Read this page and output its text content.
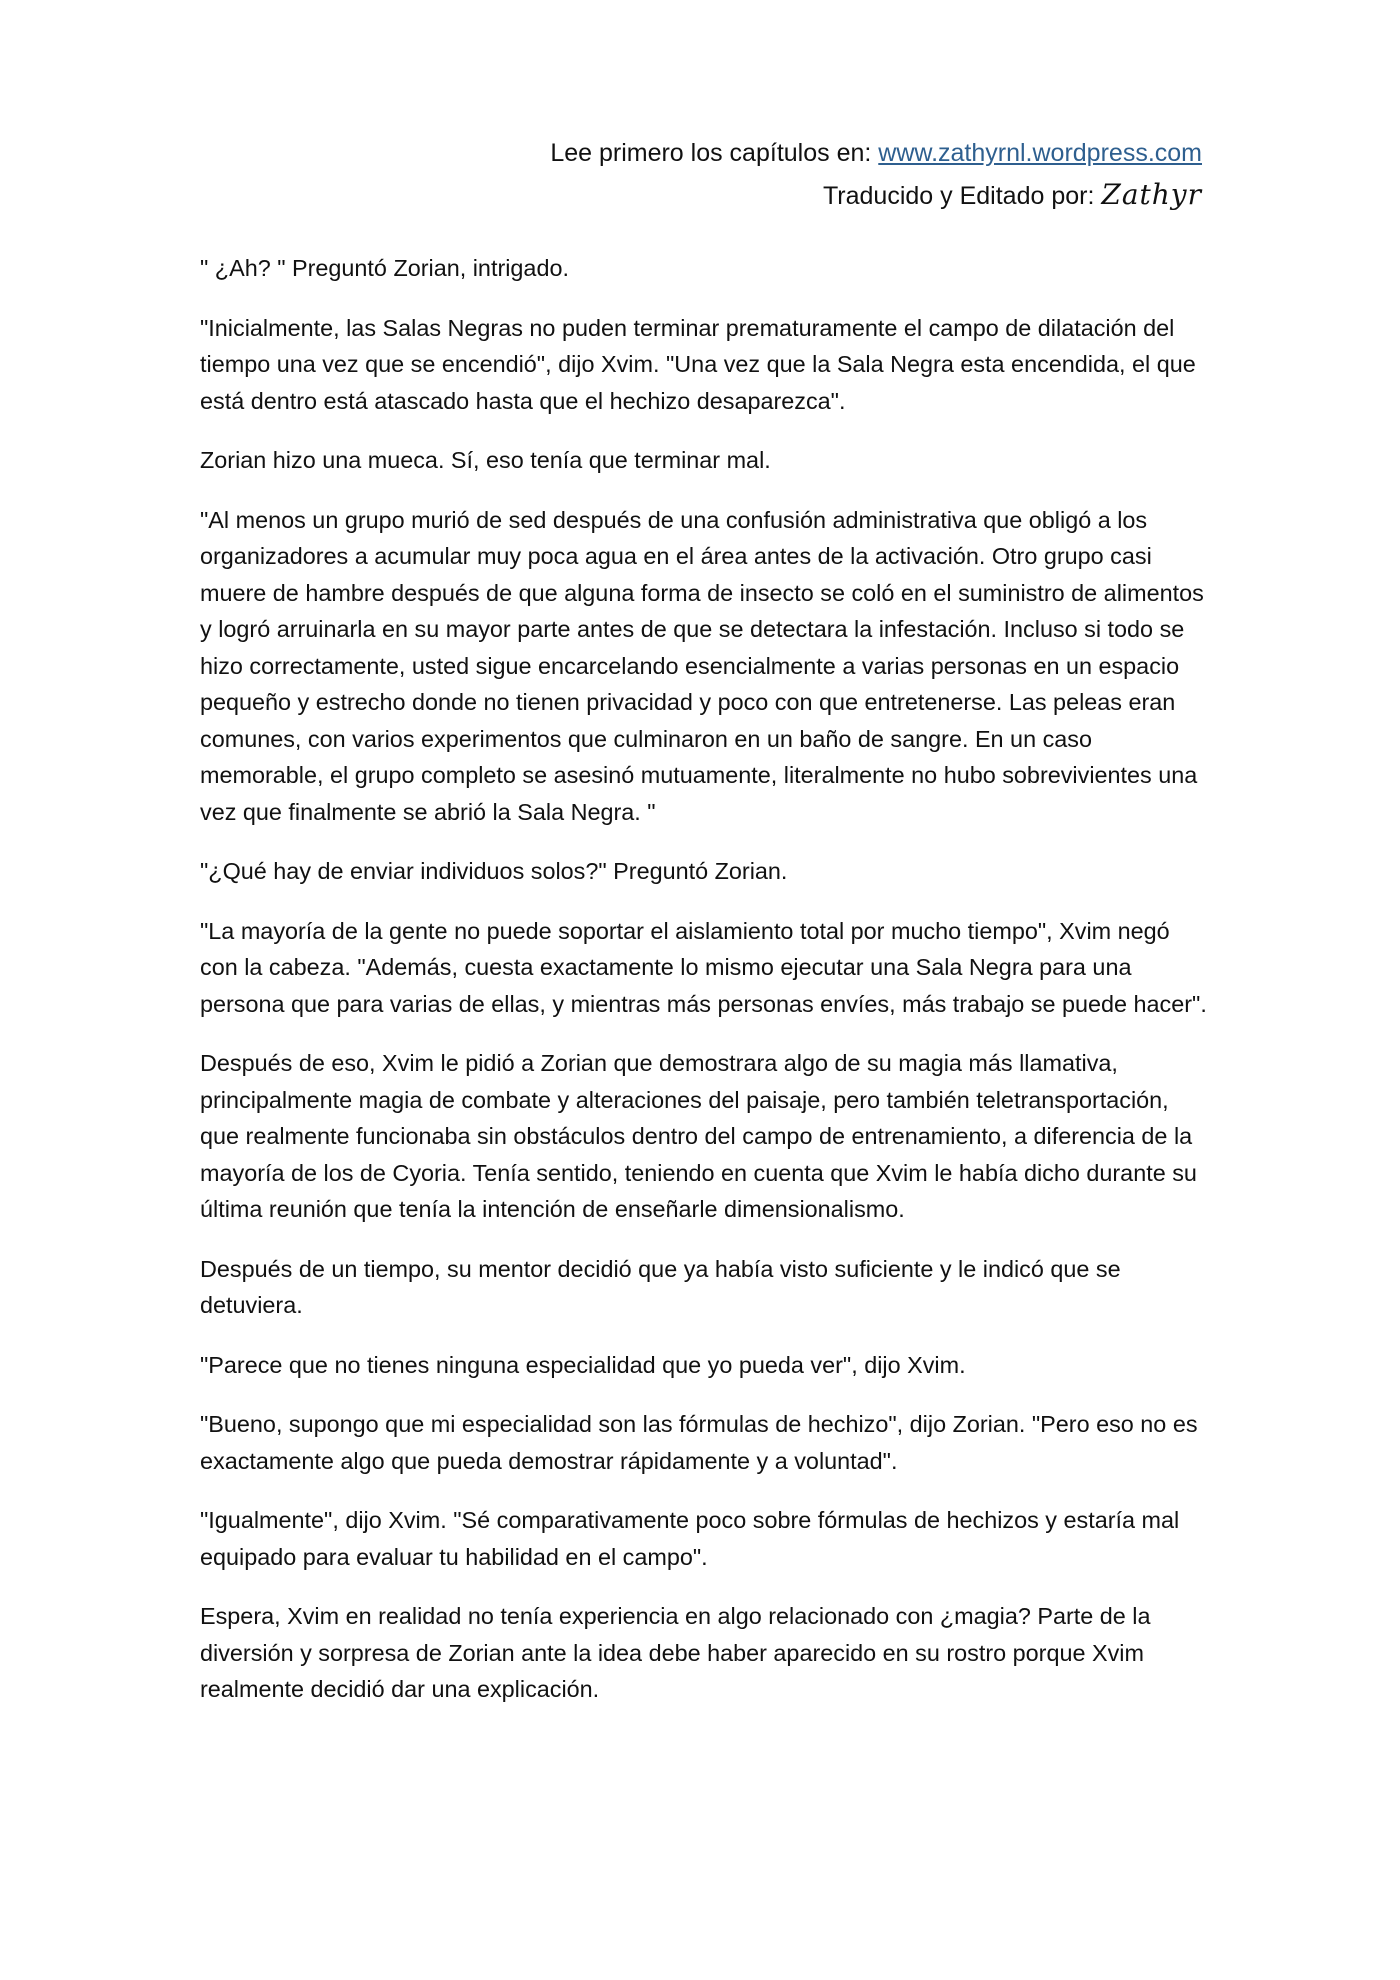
Lee primero los capítulos en: www.zathyrnl.wordpress.com
Traducido y Editado por: Zathyr

" ¿Ah? " Preguntó Zorian, intrigado.

"Inicialmente, las Salas Negras no puden terminar prematuramente el campo de dilatación del tiempo una vez que se encendió", dijo Xvim. "Una vez que la Sala Negra esta encendida, el que está dentro está atascado hasta que el hechizo desaparezca".

Zorian hizo una mueca. Sí, eso tenía que terminar mal.

"Al menos un grupo murió de sed después de una confusión administrativa que obligó a los organizadores a acumular muy poca agua en el área antes de la activación. Otro grupo casi muere de hambre después de que alguna forma de insecto se coló en el suministro de alimentos y logró arruinarla en su mayor parte antes de que se detectara la infestación. Incluso si todo se hizo correctamente, usted sigue encarcelando esencialmente a varias personas en un espacio pequeño y estrecho donde no tienen privacidad y poco con que entretenerse. Las peleas eran comunes, con varios experimentos que culminaron en un baño de sangre. En un caso memorable, el grupo completo se asesinó mutuamente, literalmente no hubo sobrevivientes una vez que finalmente se abrió la Sala Negra. "

"¿Qué hay de enviar individuos solos?" Preguntó Zorian.

"La mayoría de la gente no puede soportar el aislamiento total por mucho tiempo", Xvim negó con la cabeza. "Además, cuesta exactamente lo mismo ejecutar una Sala Negra para una persona que para varias de ellas, y mientras más personas envíes, más trabajo se puede hacer".

Después de eso, Xvim le pidió a Zorian que demostrara algo de su magia más llamativa, principalmente magia de combate y alteraciones del paisaje, pero también teletransportación, que realmente funcionaba sin obstáculos dentro del campo de entrenamiento, a diferencia de la mayoría de los de Cyoria. Tenía sentido, teniendo en cuenta que Xvim le había dicho durante su última reunión que tenía la intención de enseñarle dimensionalismo.

Después de un tiempo, su mentor decidió que ya había visto suficiente y le indicó que se detuviera.

"Parece que no tienes ninguna especialidad que yo pueda ver", dijo Xvim.

"Bueno, supongo que mi especialidad son las fórmulas de hechizo", dijo Zorian. "Pero eso no es exactamente algo que pueda demostrar rápidamente y a voluntad".

"Igualmente", dijo Xvim. "Sé comparativamente poco sobre fórmulas de hechizos y estaría mal equipado para evaluar tu habilidad en el campo".

Espera, Xvim en realidad no tenía experiencia en algo relacionado con ¿magia? Parte de la diversión y sorpresa de Zorian ante la idea debe haber aparecido en su rostro porque Xvim realmente decidió dar una explicación.
